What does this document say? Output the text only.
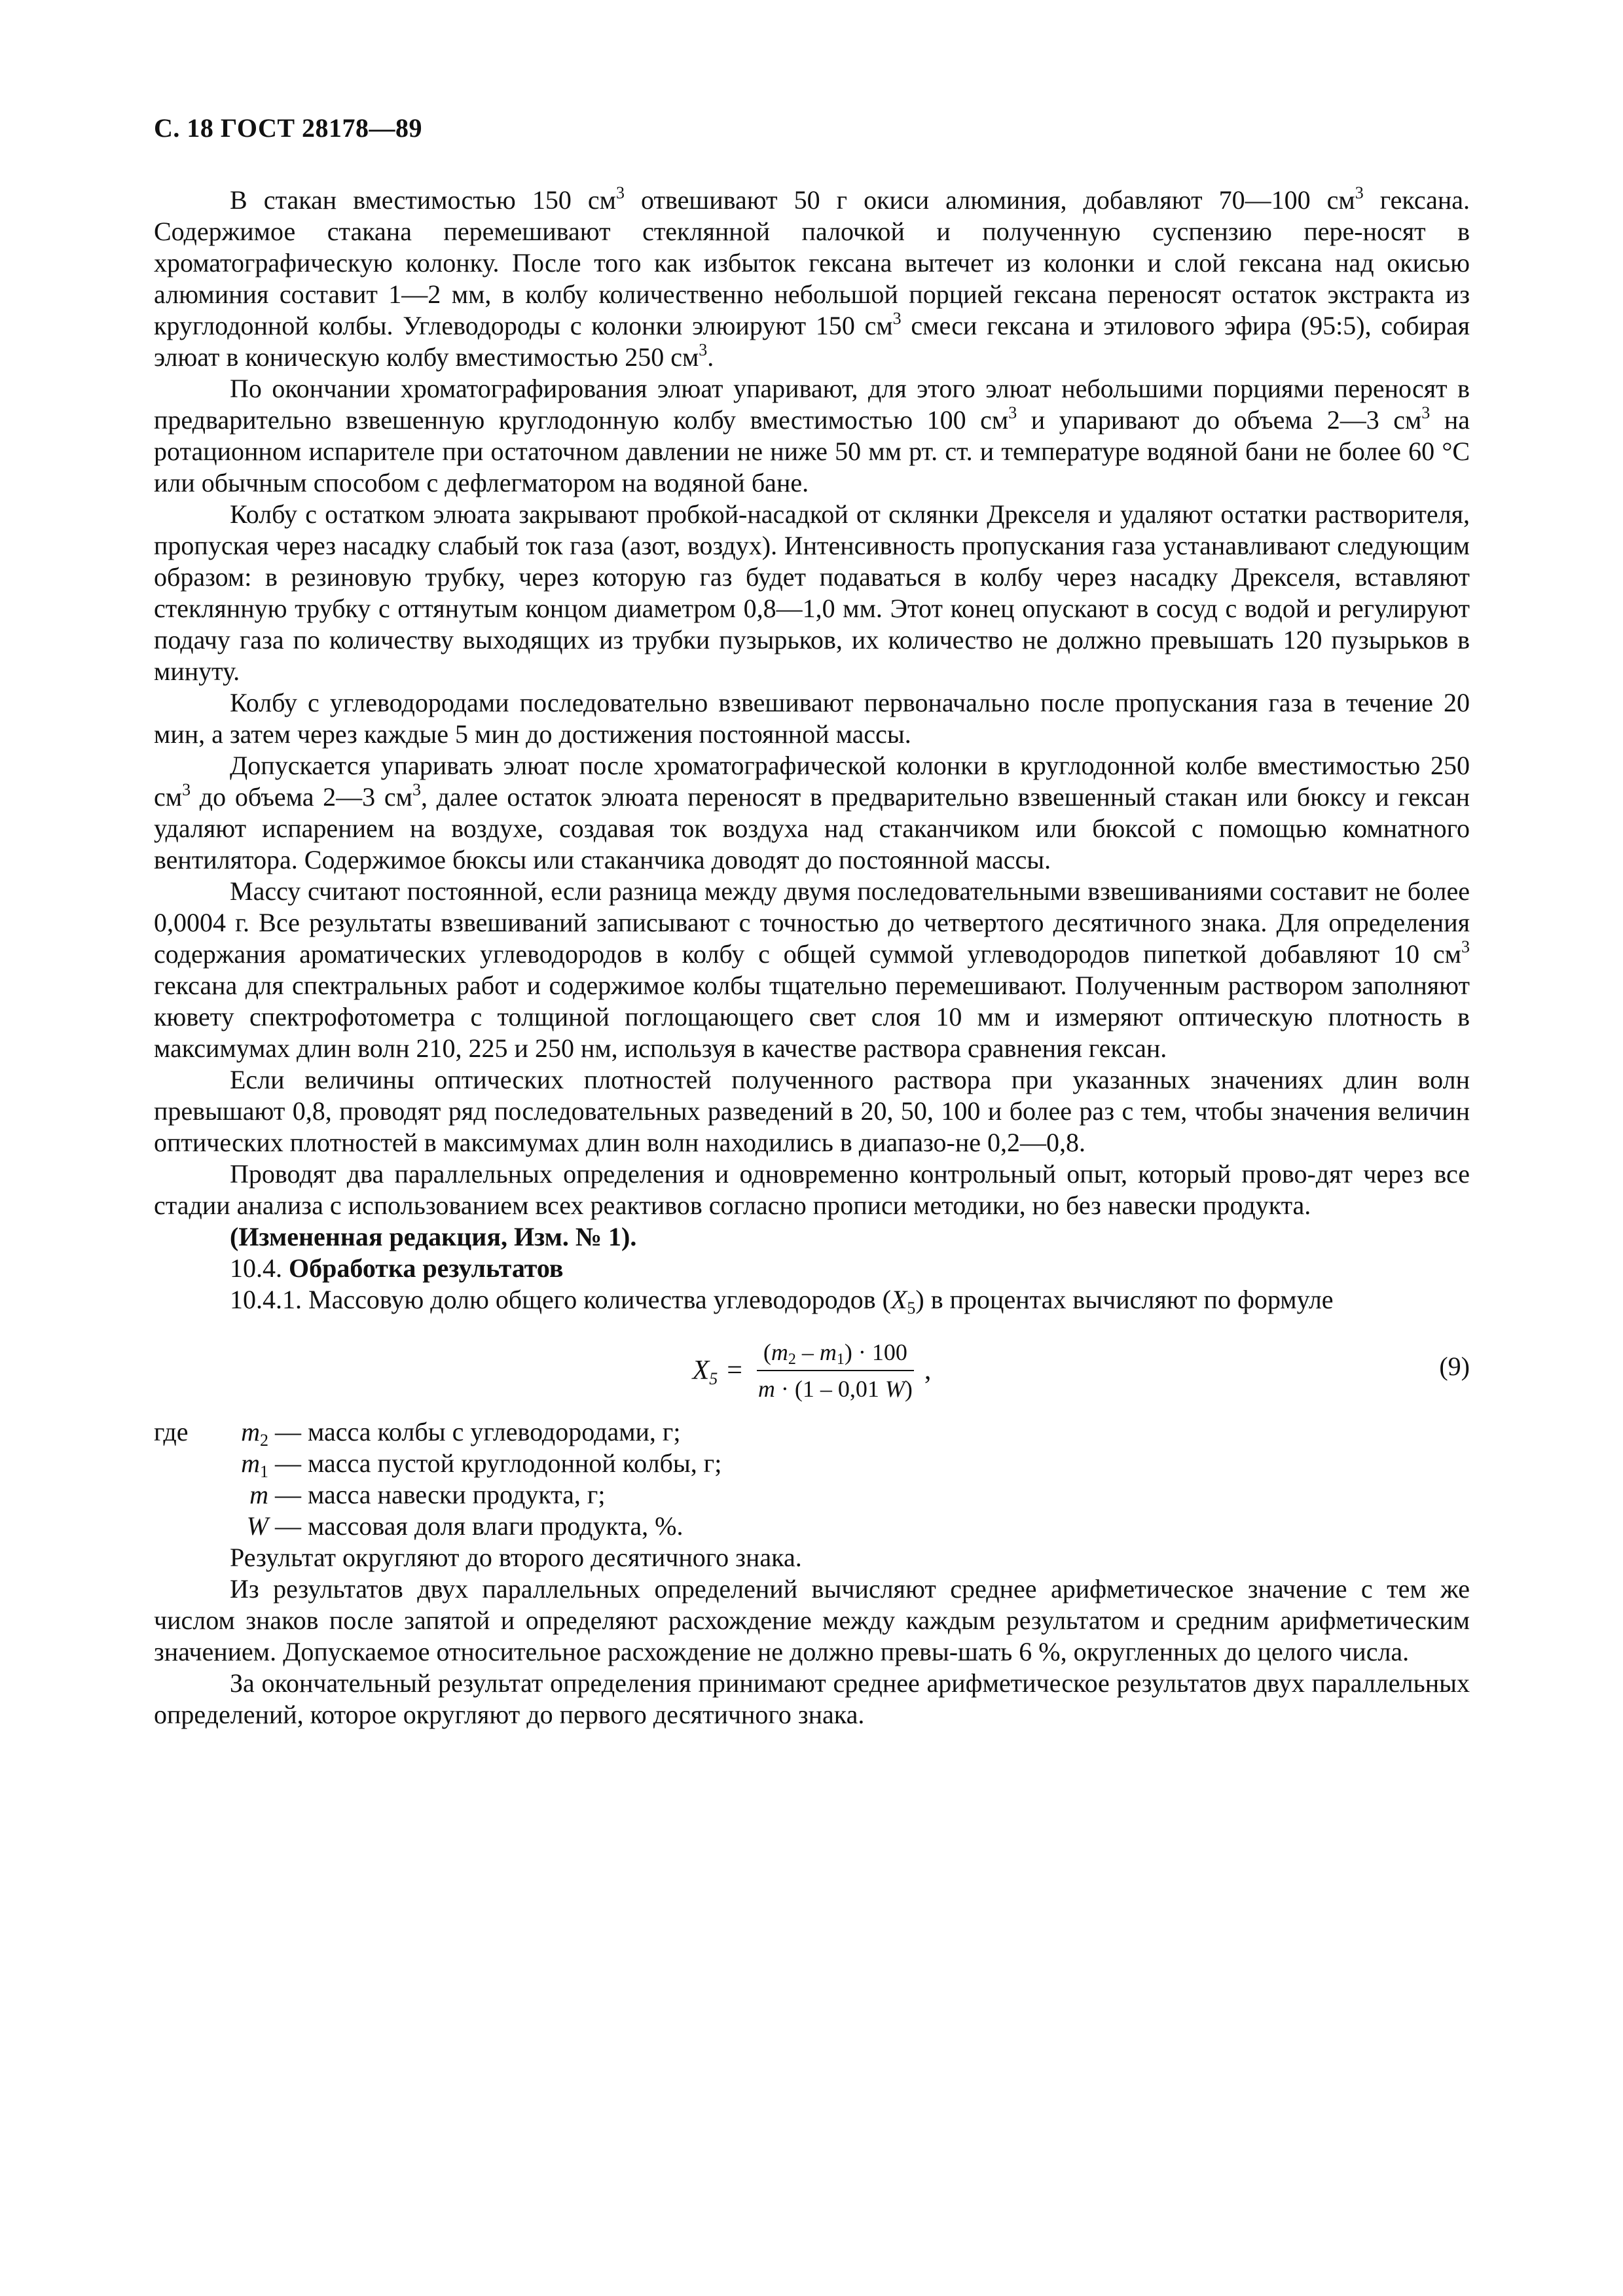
С. 18 ГОСТ 28178—89

В стакан вместимостью 150 $см^3$ отвешивают 50 г окиси алюминия, добавляют 70—100 $см^3$ гексана. Содержимое стакана перемешивают стеклянной палочкой и полученную суспензию пере-носят в хроматографическую колонку. После того как избыток гексана вытечет из колонки и слой гексана над окисью алюминия составит 1—2 мм, в колбу количественно небольшой порцией гексана переносят остаток экстракта из круглодонной колбы. Углеводороды с колонки элюируют 150 $см^3$ смеси гексана и этилового эфира (95:5), собирая элюат в коническую колбу вместимостью 250 $см^3$.

По окончании хроматографирования элюат упаривают, для этого элюат небольшими порциями переносят в предварительно взвешенную круглодонную колбу вместимостью 100 $см^3$ и упаривают до объема 2—3 $см^3$ на ротационном испарителе при остаточном давлении не ниже 50 мм рт. ст. и температуре водяной бани не более 60 °С или обычным способом с дефлегматором на водяной бане.

Колбу с остатком элюата закрывают пробкой-насадкой от склянки Дрекселя и удаляют остатки растворителя, пропуская через насадку слабый ток газа (азот, воздух). Интенсивность пропускания газа устанавливают следующим образом: в резиновую трубку, через которую газ будет подаваться в колбу через насадку Дрекселя, вставляют стеклянную трубку с оттянутым концом диаметром 0,8—1,0 мм. Этот конец опускают в сосуд с водой и регулируют подачу газа по количеству выходящих из трубки пузырьков, их количество не должно превышать 120 пузырьков в минуту.

Колбу с углеводородами последовательно взвешивают первоначально после пропускания газа в течение 20 мин, а затем через каждые 5 мин до достижения постоянной массы.

Допускается упаривать элюат после хроматографической колонки в круглодонной колбе вместимостью 250 $см^3$ до объема 2—3 $см^3$, далее остаток элюата переносят в предварительно взвешенный стакан или бюксу и гексан удаляют испарением на воздухе, создавая ток воздуха над стаканчиком или бюксой с помощью комнатного вентилятора. Содержимое бюксы или стаканчика доводят до постоянной массы.

Массу считают постоянной, если разница между двумя последовательными взвешиваниями составит не более 0,0004 г. Все результаты взвешиваний записывают с точностью до четвертого десятичного знака. Для определения содержания ароматических углеводородов в колбу с общей суммой углеводородов пипеткой добавляют 10 $см^3$ гексана для спектральных работ и содержимое колбы тщательно перемешивают. Полученным раствором заполняют кювету спектрофотометра с толщиной поглощающего свет слоя 10 мм и измеряют оптическую плотность в максимумах длин волн 210, 225 и 250 нм, используя в качестве раствора сравнения гексан.

Если величины оптических плотностей полученного раствора при указанных значениях длин волн превышают 0,8, проводят ряд последовательных разведений в 20, 50, 100 и более раз с тем, чтобы значения величин оптических плотностей в максимумах длин волн находились в диапазо-не 0,2—0,8.

Проводят два параллельных определения и одновременно контрольный опыт, который прово-дят через все стадии анализа с использованием всех реактивов согласно прописи методики, но без навески продукта.

(Измененная редакция, Изм. № 1).

10.4. Обработка результатов

10.4.1. Массовую долю общего количества углеводородов $(X_5)$ в процентах вычисляют по формуле

$X_5 = \frac{(m_2 - m_1) \cdot 100}{m \cdot (1 - 0,01 W)}$ ,	(9)
где	$m_2$ — масса колбы с углеводородами, г;
$m_1$ — масса пустой круглодонной колбы, г;
m — масса навески продукта, г;
W — массовая доля влаги продукта, %.

Результат округляют до второго десятичного знака.

Из результатов двух параллельных определений вычисляют среднее арифметическое значение с тем же числом знаков после запятой и определяют расхождение между каждым результатом и средним арифметическим значением. Допускаемое относительное расхождение не должно превы-шать 6 %, округленных до целого числа.

За окончательный результат определения принимают среднее арифметическое результатов двух параллельных определений, которое округляют до первого десятичного знака.
